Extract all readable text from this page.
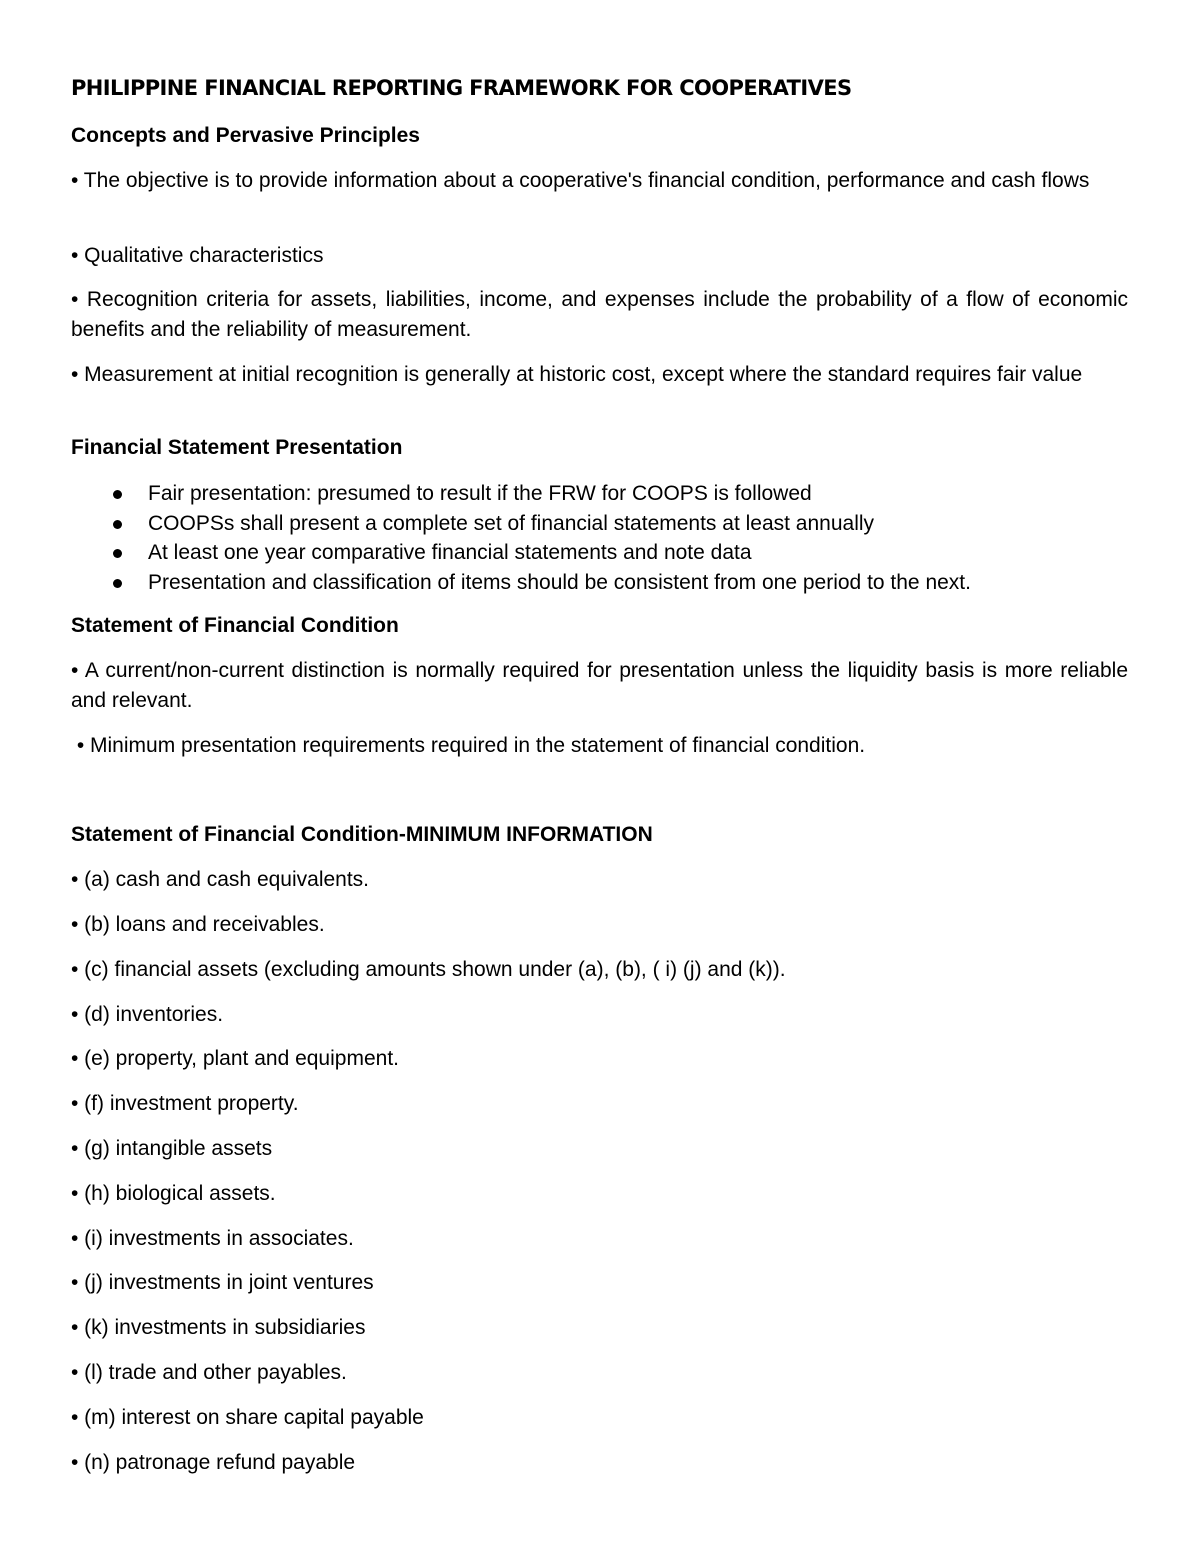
PHILIPPINE FINANCIAL REPORTING FRAMEWORK FOR COOPERATIVES
Concepts and Pervasive Principles

• The objective is to provide information about a cooperative's financial condition, performance and cash flows

• Qualitative characteristics

• Recognition criteria for assets, liabilities, income, and expenses include the probability of a flow of economic benefits and the reliability of measurement.

• Measurement at initial recognition is generally at historic cost, except where the standard requires fair value

Financial Statement Presentation
Fair presentation: presumed to result if the FRW for COOPS is followed
COOPSs shall present a complete set of financial statements at least annually
At least one year comparative financial statements and note data
Presentation and classification of items should be consistent from one period to the next.
Statement of Financial Condition

• A current/non-current distinction is normally required for presentation unless the liquidity basis is more reliable and relevant.

• Minimum presentation requirements required in the statement of financial condition.

Statement of Financial Condition-MINIMUM INFORMATION

• (a) cash and cash equivalents.

• (b) loans and receivables.

• (c) financial assets (excluding amounts shown under (a), (b), ( i) (j) and (k)).

• (d) inventories.

• (e) property, plant and equipment.

• (f) investment property.

• (g) intangible assets

• (h) biological assets.

• (i) investments in associates.

• (j) investments in joint ventures

• (k) investments in subsidiaries

• (l) trade and other payables.

• (m) interest on share capital payable

• (n) patronage refund payable
